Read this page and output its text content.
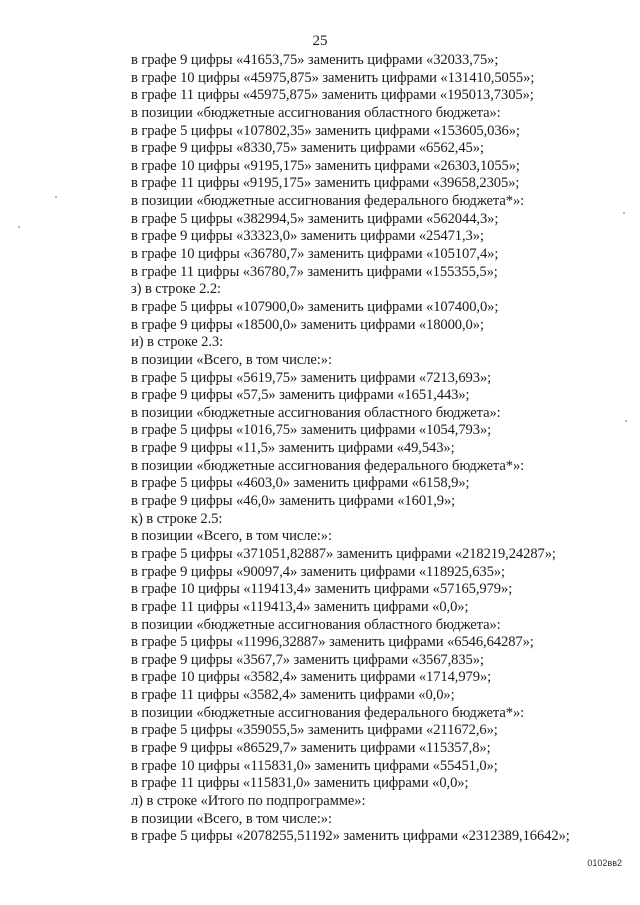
25
в графе 9 цифры «41653,75» заменить цифрами «32033,75»;
в графе 10 цифры «45975,875» заменить цифрами «131410,5055»;
в графе 11 цифры «45975,875» заменить цифрами «195013,7305»;
в позиции «бюджетные ассигнования областного бюджета»:
в графе 5 цифры «107802,35» заменить цифрами «153605,036»;
в графе 9 цифры «8330,75» заменить цифрами «6562,45»;
в графе 10 цифры «9195,175» заменить цифрами «26303,1055»;
в графе 11 цифры «9195,175» заменить цифрами «39658,2305»;
в позиции «бюджетные ассигнования федерального бюджета*»:
в графе 5 цифры «382994,5» заменить цифрами «562044,3»;
в графе 9 цифры «33323,0» заменить цифрами «25471,3»;
в графе 10 цифры «36780,7» заменить цифрами «105107,4»;
в графе 11 цифры «36780,7» заменить цифрами «155355,5»;
з) в строке 2.2:
в графе 5 цифры «107900,0» заменить цифрами «107400,0»;
в графе 9 цифры «18500,0» заменить цифрами «18000,0»;
и) в строке 2.3:
в позиции «Всего, в том числе:»:
в графе 5 цифры «5619,75» заменить цифрами «7213,693»;
в графе 9 цифры «57,5» заменить цифрами «1651,443»;
в позиции «бюджетные ассигнования областного бюджета»:
в графе 5 цифры «1016,75» заменить цифрами «1054,793»;
в графе 9 цифры «11,5» заменить цифрами «49,543»;
в позиции «бюджетные ассигнования федерального бюджета*»:
в графе 5 цифры «4603,0» заменить цифрами «6158,9»;
в графе 9 цифры «46,0» заменить цифрами «1601,9»;
к) в строке 2.5:
в позиции «Всего, в том числе:»:
в графе 5 цифры «371051,82887» заменить цифрами «218219,24287»;
в графе 9 цифры «90097,4» заменить цифрами «118925,635»;
в графе 10 цифры «119413,4» заменить цифрами «57165,979»;
в графе 11 цифры «119413,4» заменить цифрами «0,0»;
в позиции «бюджетные ассигнования областного бюджета»:
в графе 5 цифры «11996,32887» заменить цифрами «6546,64287»;
в графе 9 цифры «3567,7» заменить цифрами «3567,835»;
в графе 10 цифры «3582,4» заменить цифрами «1714,979»;
в графе 11 цифры «3582,4» заменить цифрами «0,0»;
в позиции «бюджетные ассигнования федерального бюджета*»:
в графе 5 цифры «359055,5» заменить цифрами «211672,6»;
в графе 9 цифры «86529,7» заменить цифрами «115357,8»;
в графе 10 цифры «115831,0» заменить цифрами «55451,0»;
в графе 11 цифры «115831,0» заменить цифрами «0,0»;
л) в строке «Итого по подпрограмме»:
в позиции «Всего, в том числе:»:
в графе 5 цифры «2078255,51192» заменить цифрами «2312389,16642»;
0102вв2
